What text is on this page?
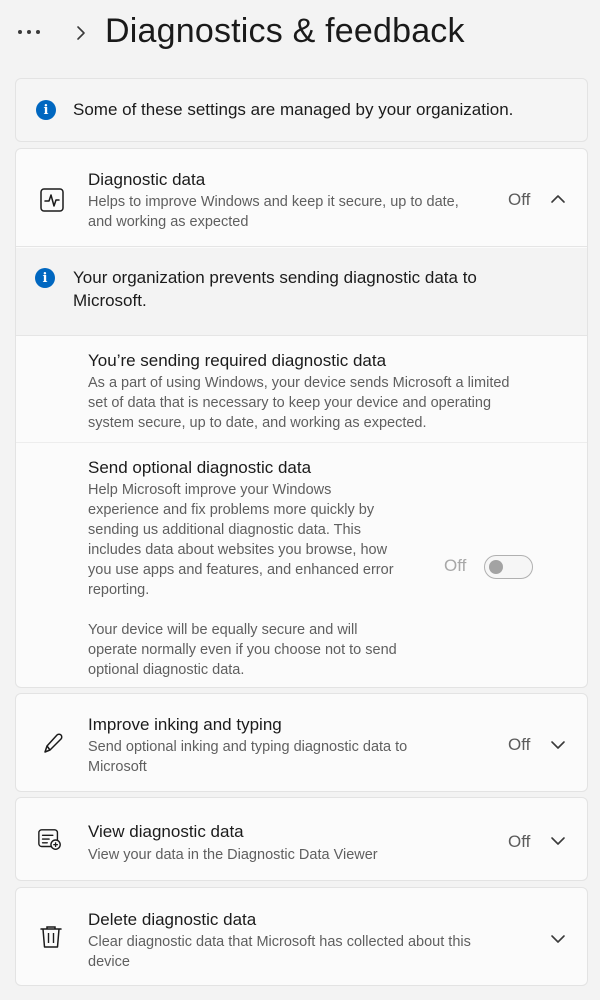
Diagnostics & feedback
i	Some of these settings are managed by your organization.
Diagnostic data
Helps to improve Windows and keep it secure, up to date,
and working as expected
Off
i	Your organization prevents sending diagnostic data to
Microsoft.
You’re sending required diagnostic data
As a part of using Windows, your device sends Microsoft a limited
set of data that is necessary to keep your device and operating
system secure, up to date, and working as expected.
Send optional diagnostic data
Help Microsoft improve your Windows
experience and fix problems more quickly by
sending us additional diagnostic data. This
includes data about websites you browse, how
you use apps and features, and enhanced error
reporting.
Your device will be equally secure and will
operate normally even if you choose not to send
optional diagnostic data.
Off
Improve inking and typing
Send optional inking and typing diagnostic data to
Microsoft
Off
View diagnostic data
View your data in the Diagnostic Data Viewer
Off
Delete diagnostic data
Clear diagnostic data that Microsoft has collected about this
device
